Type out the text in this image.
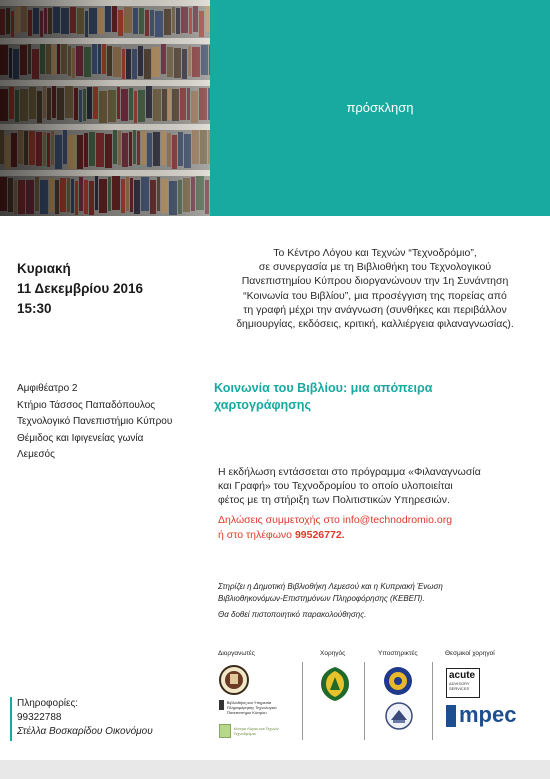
πρόσκληση
Κυριακή
11 Δεκεμβρίου 2016
15:30
Αμφιθέατρο 2
Κτήριο Τάσσος Παπαδόπουλος
Τεχνολογικό Πανεπιστήμιο Κύπρου
Θέμιδος και Ιφιγενείας γωνία
Λεμεσός
Το Κέντρο Λόγου και Τεχνών “Τεχνοδρόμιο”,
σε συνεργασία με τη Βιβλιοθήκη του Τεχνολογικού
Πανεπιστημίου Κύπρου διοργανώνουν την 1η Συνάντηση
“Κοινωνία του Βιβλίου”, μια προσέγγιση της πορείας από
τη γραφή μέχρι την ανάγνωση (συνθήκες και περιβάλλον
δημιουργίας, εκδόσεις, κριτική, καλλιέργεια φιλαναγνωσίας).
Κοινωνία του Βιβλίου: μια απόπειρα
χαρτογράφησης
Η εκδήλωση εντάσσεται στο πρόγραμμα «Φιλαναγνωσία
και Γραφή» του Τεχνοδρομίου το οποίο υλοποιείται
φέτος με τη στήριξη των Πολιτιστικών Υπηρεσιών.
Δηλώσεις συμμετοχής στο info@technodromio.org
ή στο τηλέφωνο 99526772.
Στηρίζει η Δημοτική Βιβλιοθήκη Λεμεσού και η Κυπριακή Ένωση
Βιβλιοθηκονόμων-Επιστημόνων Πληροφόρησης (ΚΕΒΕΠ).
Θα δοθεί πιστοποιητικό παρακολούθησης.
Διοργανωτές	Χορηγός	Υποστηρικτές	Θεσμικοί χορηγοί
Βιβλιοθήκη και Υπηρεσία Πληροφόρησης Τεχνολογικό Πανεπιστήμιο Κύπρου
Κέντρο Λόγου και Τεχνών Τεχνοδρόμιο
acute
ADVISORY
SERVICES
mpec
Πληροφορίες:
99322788
Στέλλα Βοσκαρίδου Οικονόμου
